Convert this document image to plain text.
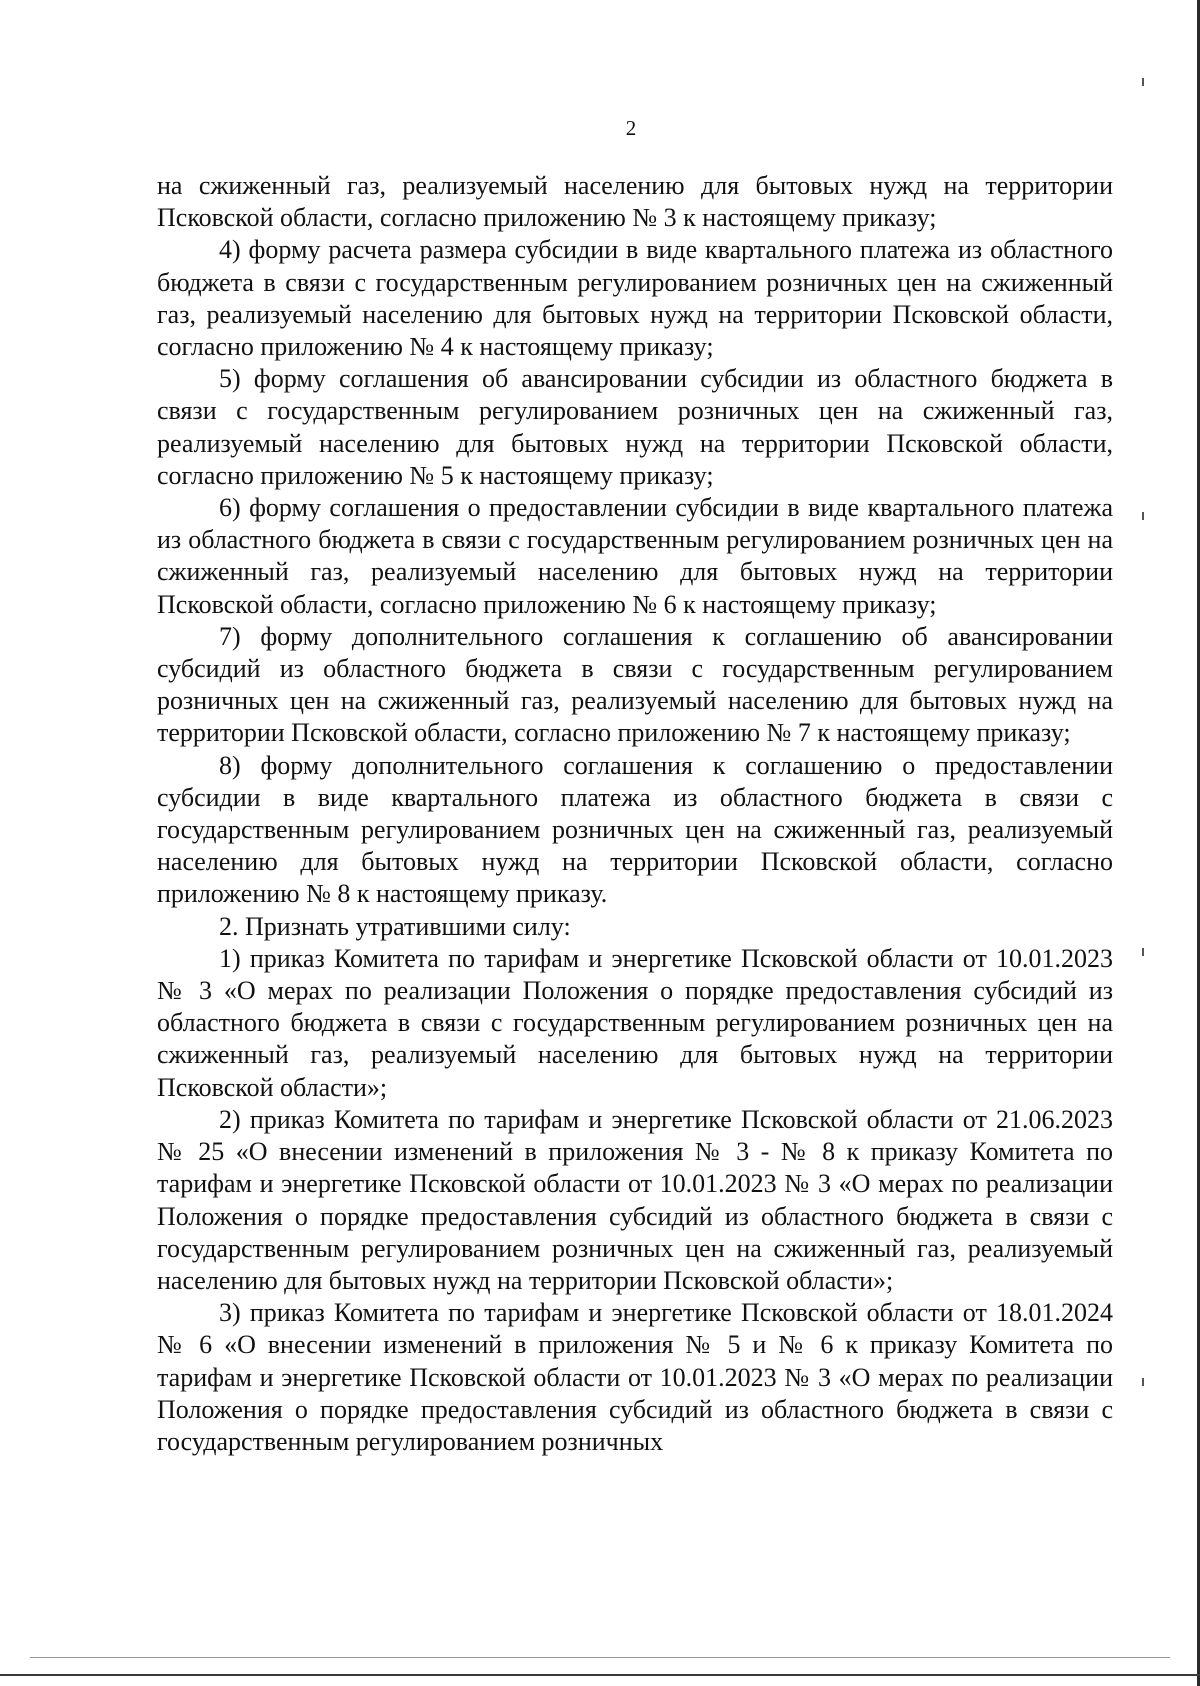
2

на сжиженный газ, реализуемый населению для бытовых нужд на территории Псковской области, согласно приложению № 3 к настоящему приказу;

4) форму расчета размера субсидии в виде квартального платежа из областного бюджета в связи с государственным регулированием розничных цен на сжиженный газ, реализуемый населению для бытовых нужд на территории Псковской области, согласно приложению № 4 к настоящему приказу;

5) форму соглашения об авансировании субсидии из областного бюджета в связи с государственным регулированием розничных цен на сжиженный газ, реализуемый населению для бытовых нужд на территории Псковской области, согласно приложению № 5 к настоящему приказу;

6) форму соглашения о предоставлении субсидии в виде квартального платежа из областного бюджета в связи с государственным регулированием розничных цен на сжиженный газ, реализуемый населению для бытовых нужд на территории Псковской области, согласно приложению № 6 к настоящему приказу;

7) форму дополнительного соглашения к соглашению об авансировании субсидий из областного бюджета в связи с государственным регулированием розничных цен на сжиженный газ, реализуемый населению для бытовых нужд на территории Псковской области, согласно приложению № 7 к настоящему приказу;

8) форму дополнительного соглашения к соглашению о предоставлении субсидии в виде квартального платежа из областного бюджета в связи с государственным регулированием розничных цен на сжиженный газ, реализуемый населению для бытовых нужд на территории Псковской области, согласно приложению № 8 к настоящему приказу.

2. Признать утратившими силу:

1) приказ Комитета по тарифам и энергетике Псковской области от 10.01.2023 № 3 «О мерах по реализации Положения о порядке предоставления субсидий из областного бюджета в связи с государственным регулированием розничных цен на сжиженный газ, реализуемый населению для бытовых нужд на территории Псковской области»;

2) приказ Комитета по тарифам и энергетике Псковской области от 21.06.2023 № 25 «О внесении изменений в приложения № 3 - № 8 к приказу Комитета по тарифам и энергетике Псковской области от 10.01.2023 № 3 «О мерах по реализации Положения о порядке предоставления субсидий из областного бюджета в связи с государственным регулированием розничных цен на сжиженный газ, реализуемый населению для бытовых нужд на территории Псковской области»;

3) приказ Комитета по тарифам и энергетике Псковской области от 18.01.2024 № 6 «О внесении изменений в приложения № 5 и № 6 к приказу Комитета по тарифам и энергетике Псковской области от 10.01.2023 № 3 «О мерах по реализации Положения о порядке предоставления субсидий из областного бюджета в связи с государственным регулированием розничных
